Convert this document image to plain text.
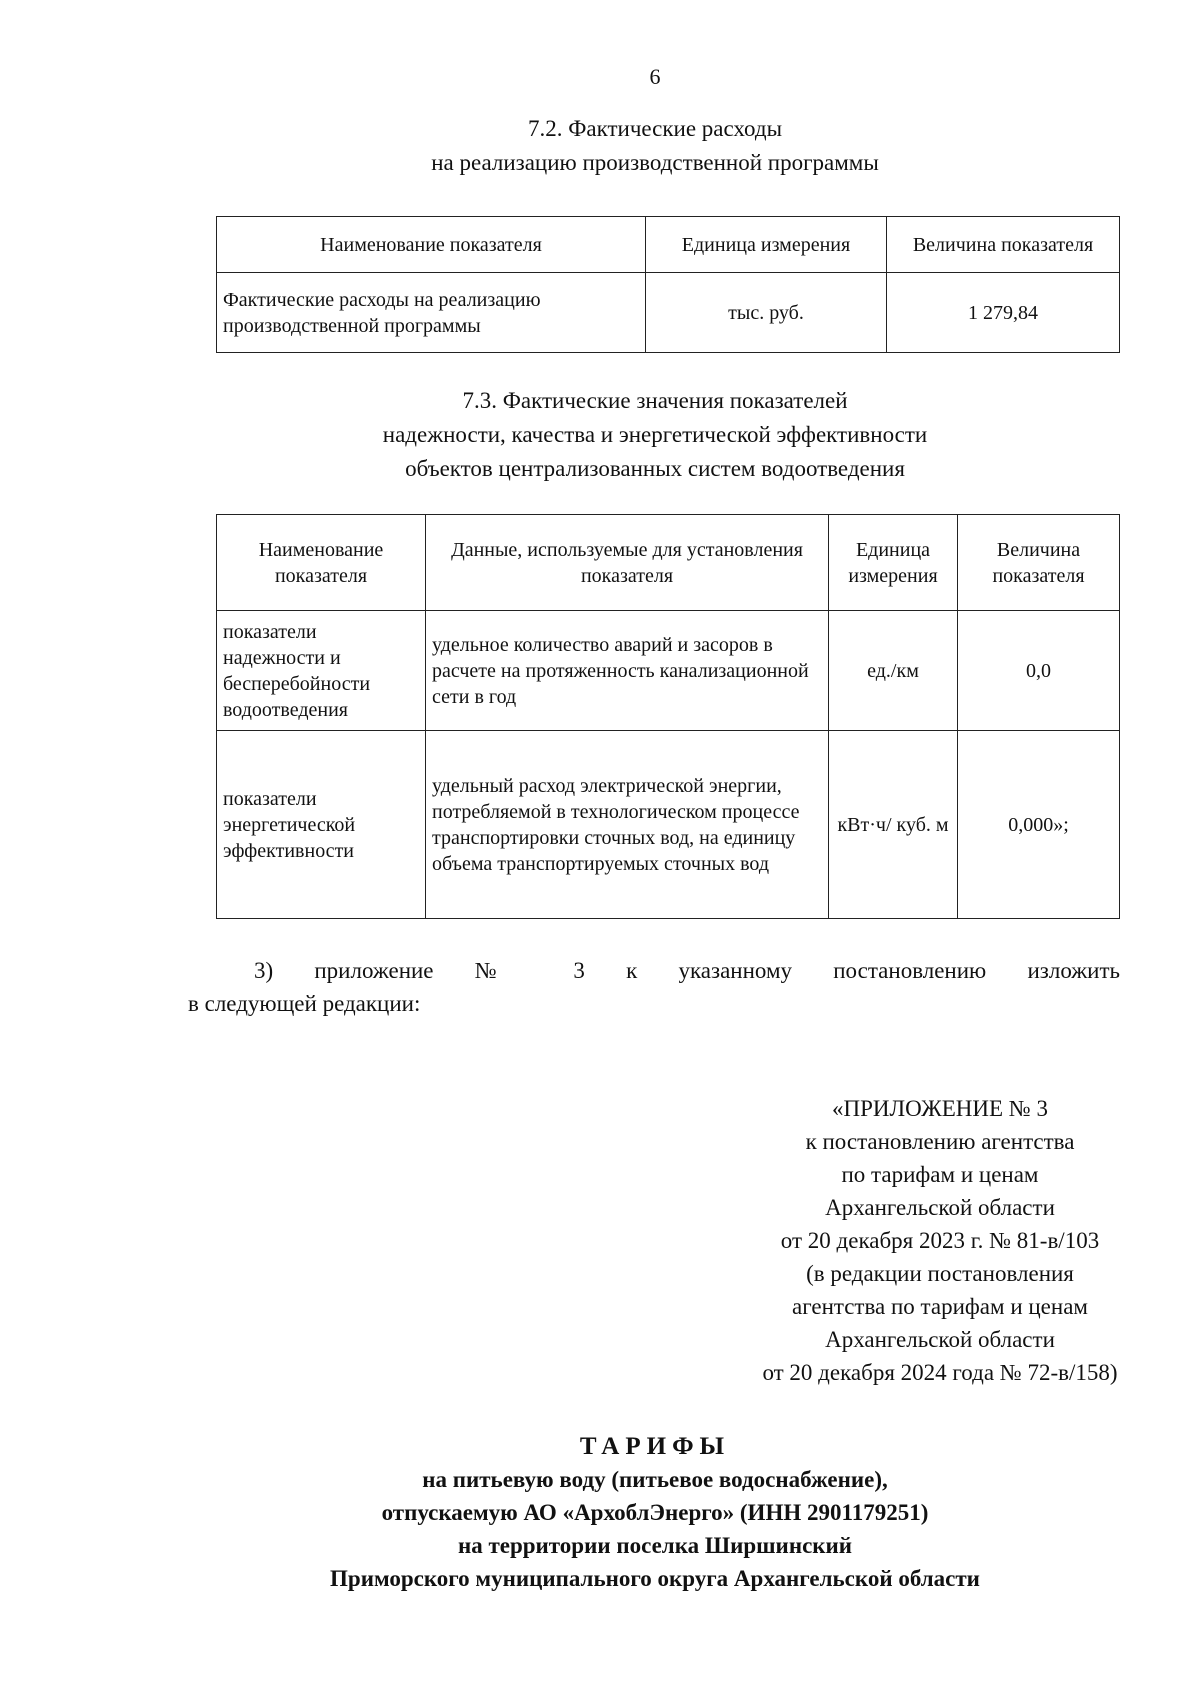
6
7.2. Фактические расходы
на реализацию производственной программы
Наименование показателя	Единица измерения	Величина показателя
Фактические расходы на реализацию производственной программы	тыс. руб.	1 279,84
7.3. Фактические значения показателей
надежности, качества и энергетической эффективности
объектов централизованных систем водоотведения
Наименование показателя	Данные, используемые для установления показателя	Единица измерения	Величина показателя
показатели надежности и бесперебойности водоотведения	удельное количество аварий и засоров в расчете на протяженность канализационной сети в год	ед./км	0,0
показатели энергетической эффективности	удельный расход электрической энергии, потребляемой в технологическом процессе транспортировки сточных вод, на единицу объема транспортируемых сточных вод	кВт·ч/ куб. м	0,000»;
3) приложение № 3 к указанному постановлению изложить
в следующей редакции:
«ПРИЛОЖЕНИЕ № 3
к постановлению агентства
по тарифам и ценам
Архангельской области
от 20 декабря 2023 г. № 81-в/103
(в редакции постановления
агентства по тарифам и ценам
Архангельской области
от 20 декабря 2024 года № 72-в/158)
ТАРИФЫ
на питьевую воду (питьевое водоснабжение),
отпускаемую АО «АрхоблЭнерго» (ИНН 2901179251)
на территории поселка Ширшинский
Приморского муниципального округа Архангельской области
